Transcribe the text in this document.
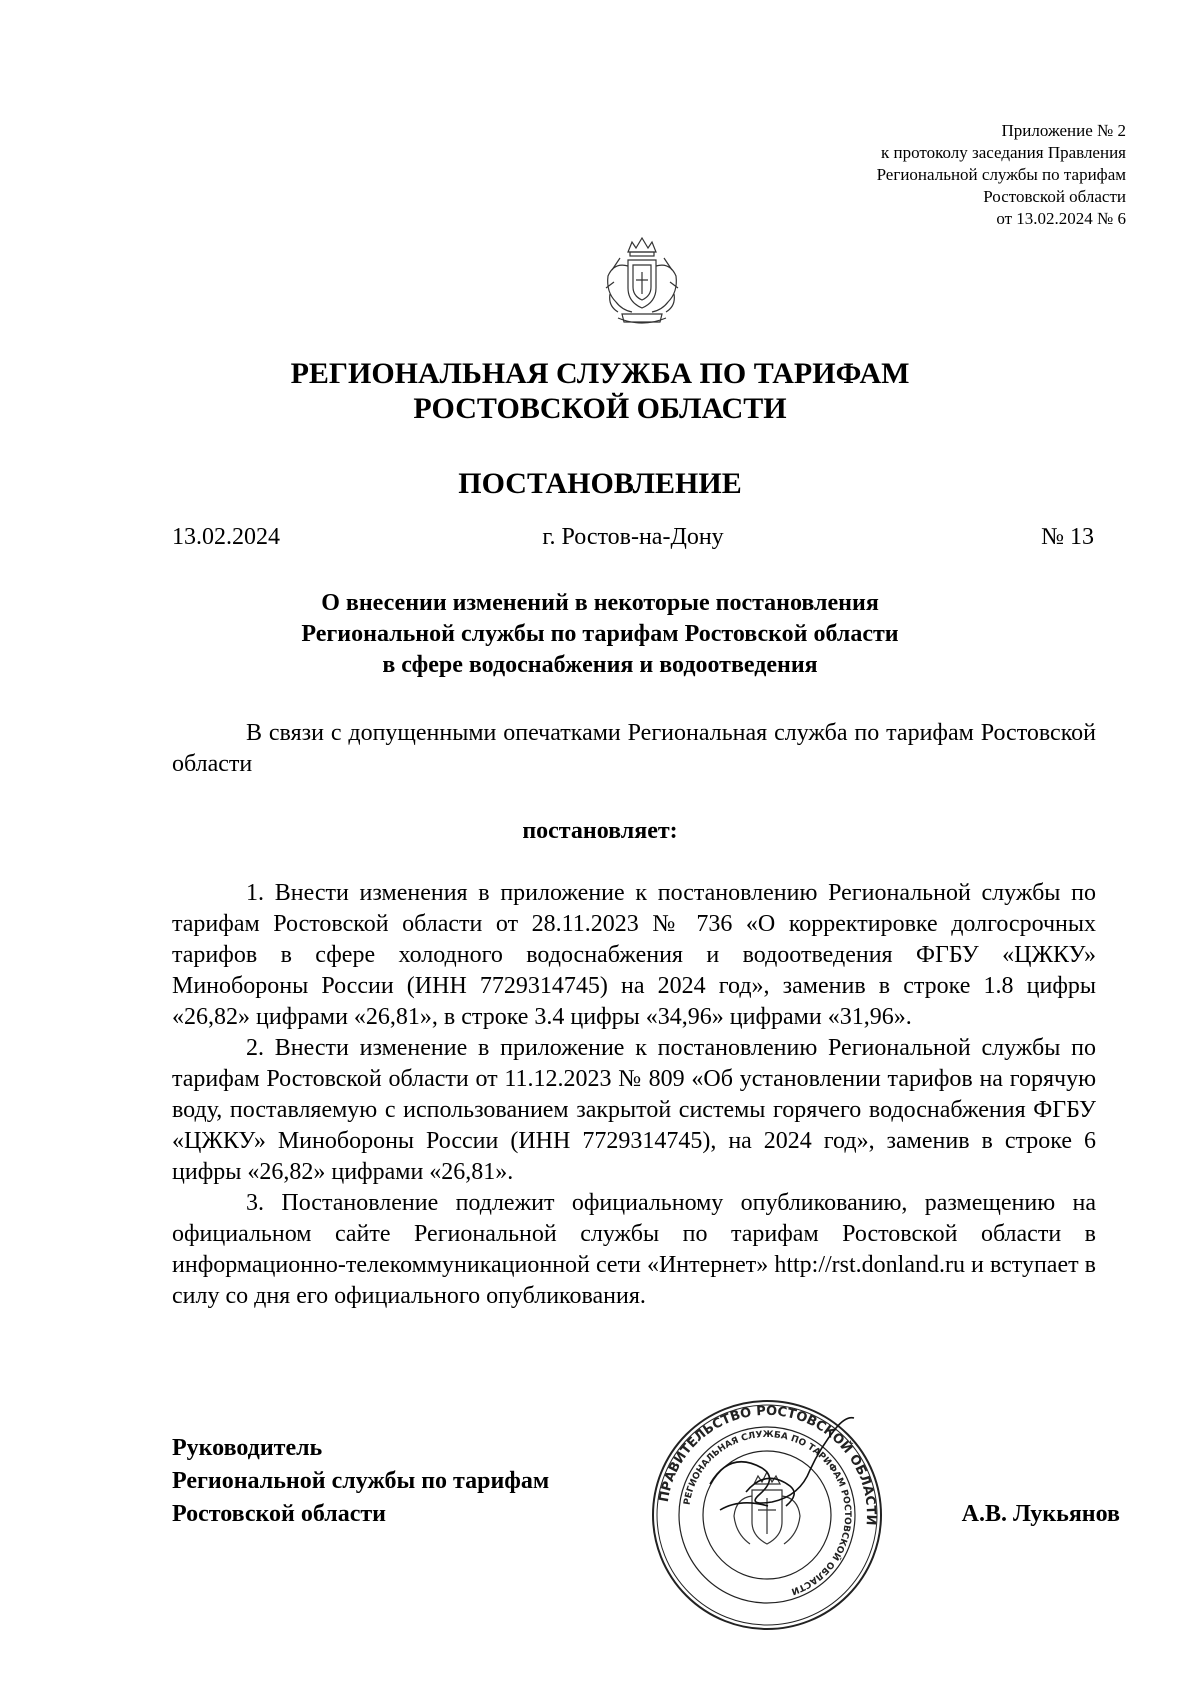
Приложение № 2
к протоколу заседания Правления
Региональной службы по тарифам
Ростовской области
от 13.02.2024 № 6
РЕГИОНАЛЬНАЯ СЛУЖБА ПО ТАРИФАМ
РОСТОВСКОЙ ОБЛАСТИ
ПОСТАНОВЛЕНИЕ
13.02.2024	г. Ростов-на-Дону	№ 13
О внесении изменений в некоторые постановления
Региональной службы по тарифам Ростовской области
в сфере водоснабжения и водоотведения

В связи с допущенными опечатками Региональная служба по тарифам Ростовской области

постановляет:

1. Внести изменения в приложение к постановлению Региональной службы по тарифам Ростовской области от 28.11.2023 № 736 «О корректировке долгосрочных тарифов в сфере холодного водоснабжения и водоотведения ФГБУ «ЦЖКУ» Минобороны России (ИНН 7729314745) на 2024 год», заменив в строке 1.8 цифры «26,82» цифрами «26,81», в строке 3.4 цифры «34,96» цифрами «31,96».

2. Внести изменение в приложение к постановлению Региональной службы по тарифам Ростовской области от 11.12.2023 № 809 «Об установлении тарифов на горячую воду, поставляемую с использованием закрытой системы горячего водоснабжения ФГБУ «ЦЖКУ» Минобороны России (ИНН 7729314745), на 2024 год», заменив в строке 6 цифры «26,82» цифрами «26,81».

3. Постановление подлежит официальному опубликованию, размещению на официальном сайте Региональной службы по тарифам Ростовской области в информационно-телекоммуникационной сети «Интернет» http://rst.donland.ru и вступает в силу со дня его официального опубликования.

Руководитель
Региональной службы по тарифам
Ростовской области
ПРАВИТЕЛЬСТВО РОСТОВСКОЙ ОБЛАСТИ
РЕГИОНАЛЬНАЯ СЛУЖБА ПО ТАРИФАМ РОСТОВСКОЙ ОБЛАСТИ
А.В. Лукьянов
